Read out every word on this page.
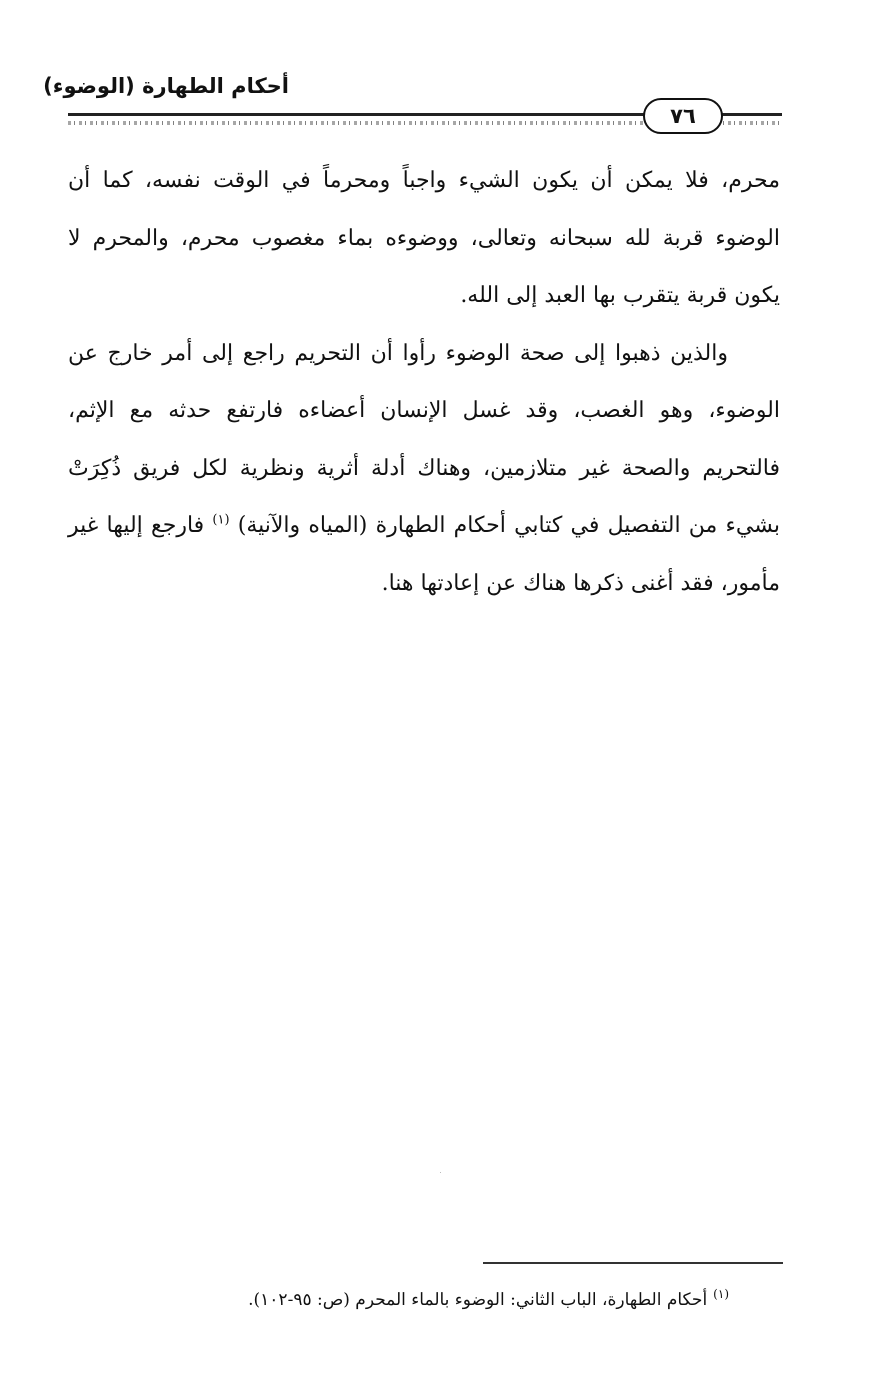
أحكام الطهارة (الوضوء)
٧٦

محرم، فلا يمكن أن يكون الشيء واجباً ومحرماً في الوقت نفسه، كما أن الوضوء قربة لله سبحانه وتعالى، ووضوءه بماء مغصوب محرم، والمحرم لا يكون قربة يتقرب بها العبد إلى الله.

والذين ذهبوا إلى صحة الوضوء رأوا أن التحريم راجع إلى أمر خارج عن الوضوء، وهو الغصب، وقد غسل الإنسان أعضاءه فارتفع حدثه مع الإثم، فالتحريم والصحة غير متلازمين، وهناك أدلة أثرية ونظرية لكل فريق ذُكِرَتْ بشيء من التفصيل في كتابي أحكام الطهارة (المياه والآنية) $^{(١)}$ فارجع إليها غير مأمور، فقد أغنى ذكرها هناك عن إعادتها هنا.

$^{(١)}$أحكام الطهارة، الباب الثاني: الوضوء بالماء المحرم (ص: ٩٥-١٠٢).
